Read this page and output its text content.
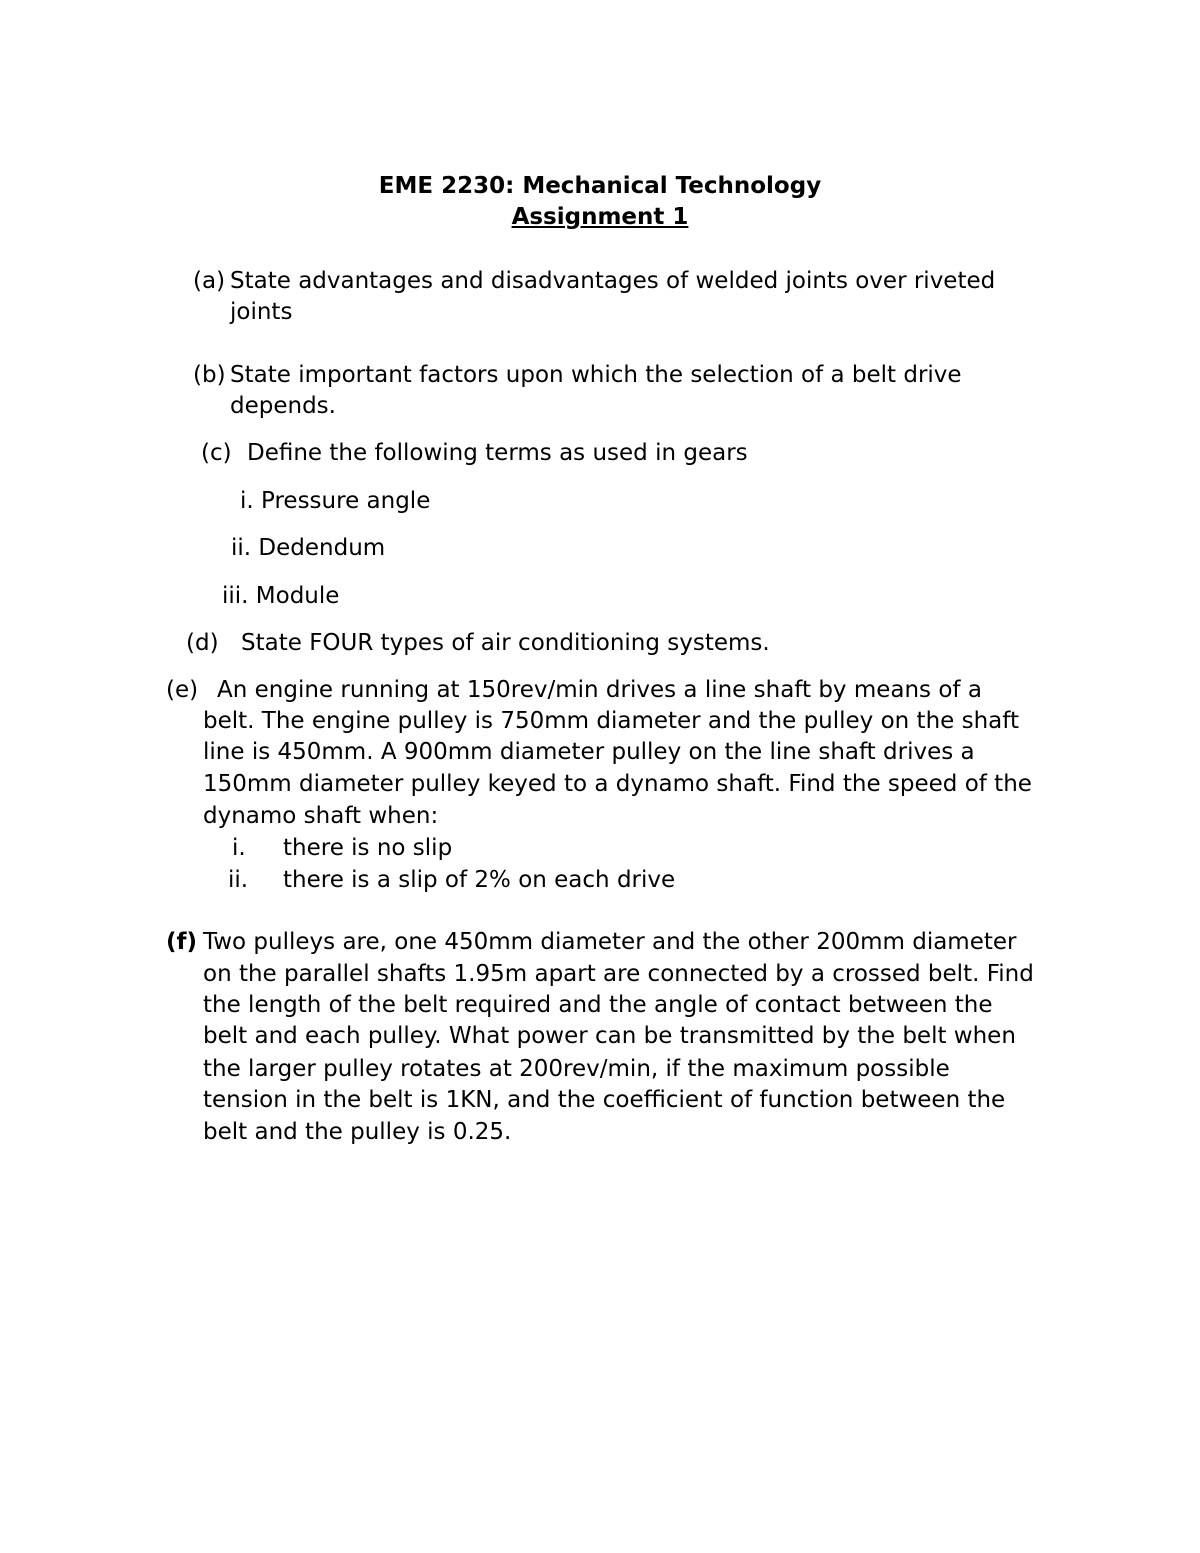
EME 2230: Mechanical Technology
Assignment 1
(a) State advantages and disadvantages of welded joints over riveted
joints
(b) State important factors upon which the selection of a belt drive
depends.
(c) Define the following terms as used in gears
i. Pressure angle
ii. Dedendum
iii. Module
(d) State FOUR types of air conditioning systems.
(e) An engine running at 150rev/min drives a line shaft by means of a
belt. The engine pulley is 750mm diameter and the pulley on the shaft
line is 450mm. A 900mm diameter pulley on the line shaft drives a
150mm diameter pulley keyed to a dynamo shaft. Find the speed of the
dynamo shaft when:
i. there is no slip
ii. there is a slip of 2% on each drive
(f) Two pulleys are, one 450mm diameter and the other 200mm diameter
on the parallel shafts 1.95m apart are connected by a crossed belt. Find
the length of the belt required and the angle of contact between the
belt and each pulley. What power can be transmitted by the belt when
the larger pulley rotates at 200rev/min, if the maximum possible
tension in the belt is 1KN, and the coefficient of function between the
belt and the pulley is 0.25.
